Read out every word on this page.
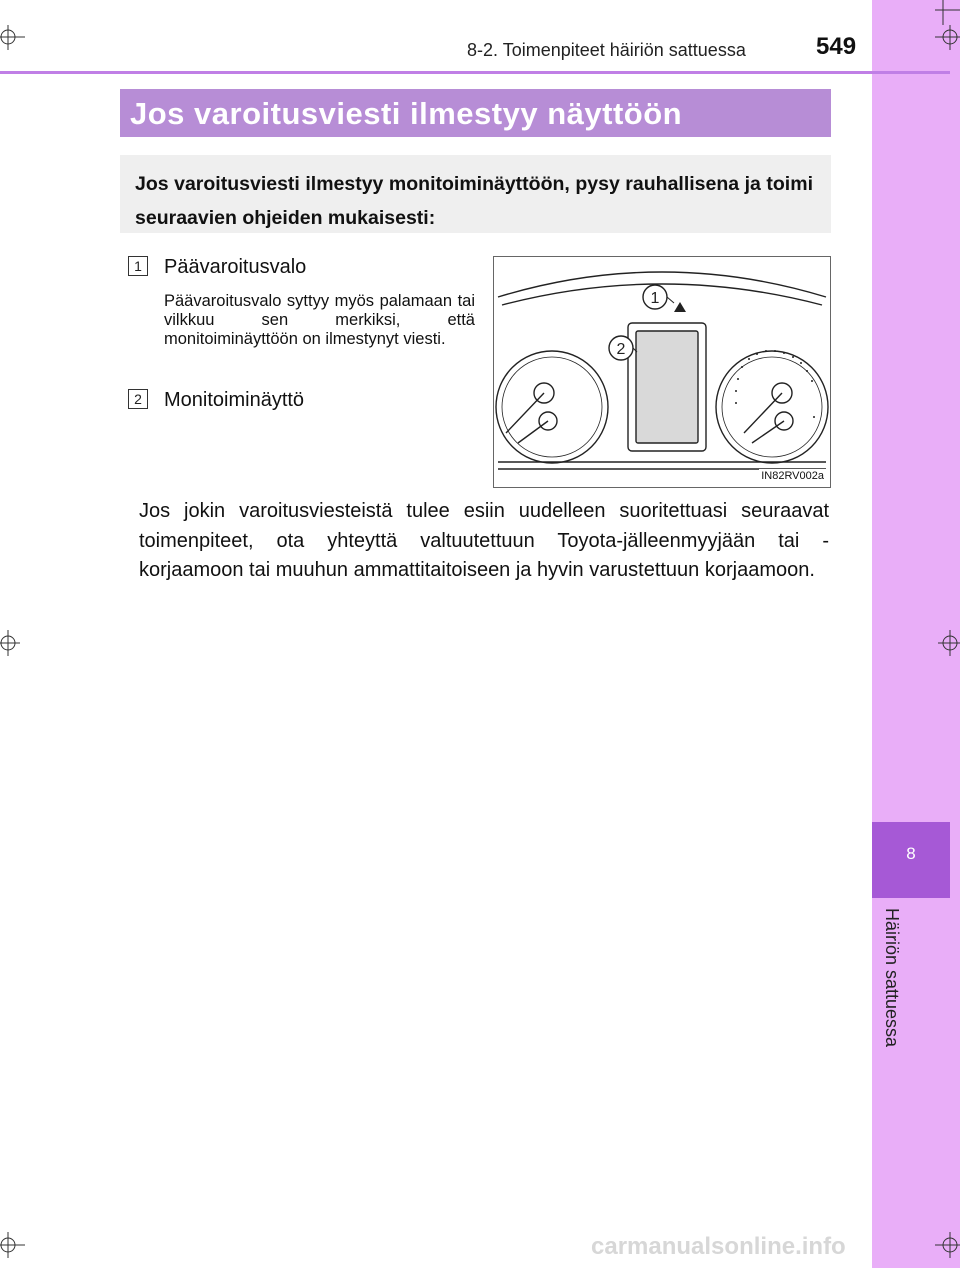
8
Häiriön sattuessa
8-2. Toimenpiteet häiriön sattuessa	549
Jos varoitusviesti ilmestyy näyttöön
Jos varoitusviesti ilmestyy monitoiminäyttöön, pysy rauhallisena ja toimi seuraavien ohjeiden mukaisesti:
1	Päävaroitusvalo
Päävaroitusvalo syttyy myös palamaan tai vilkkuu sen merkiksi, että monitoiminäyttöön on ilmestynyt viesti.
2	Monitoiminäyttö
1
2
IN82RV002a
Jos jokin varoitusviesteistä tulee esiin uudelleen suoritettuasi seuraavat toimenpiteet, ota yhteyttä valtuutettuun Toyota-jälleenmyyjään tai -korjaamoon tai muuhun ammattitaitoiseen ja hyvin varustettuun korjaamoon.
carmanualsonline.info
